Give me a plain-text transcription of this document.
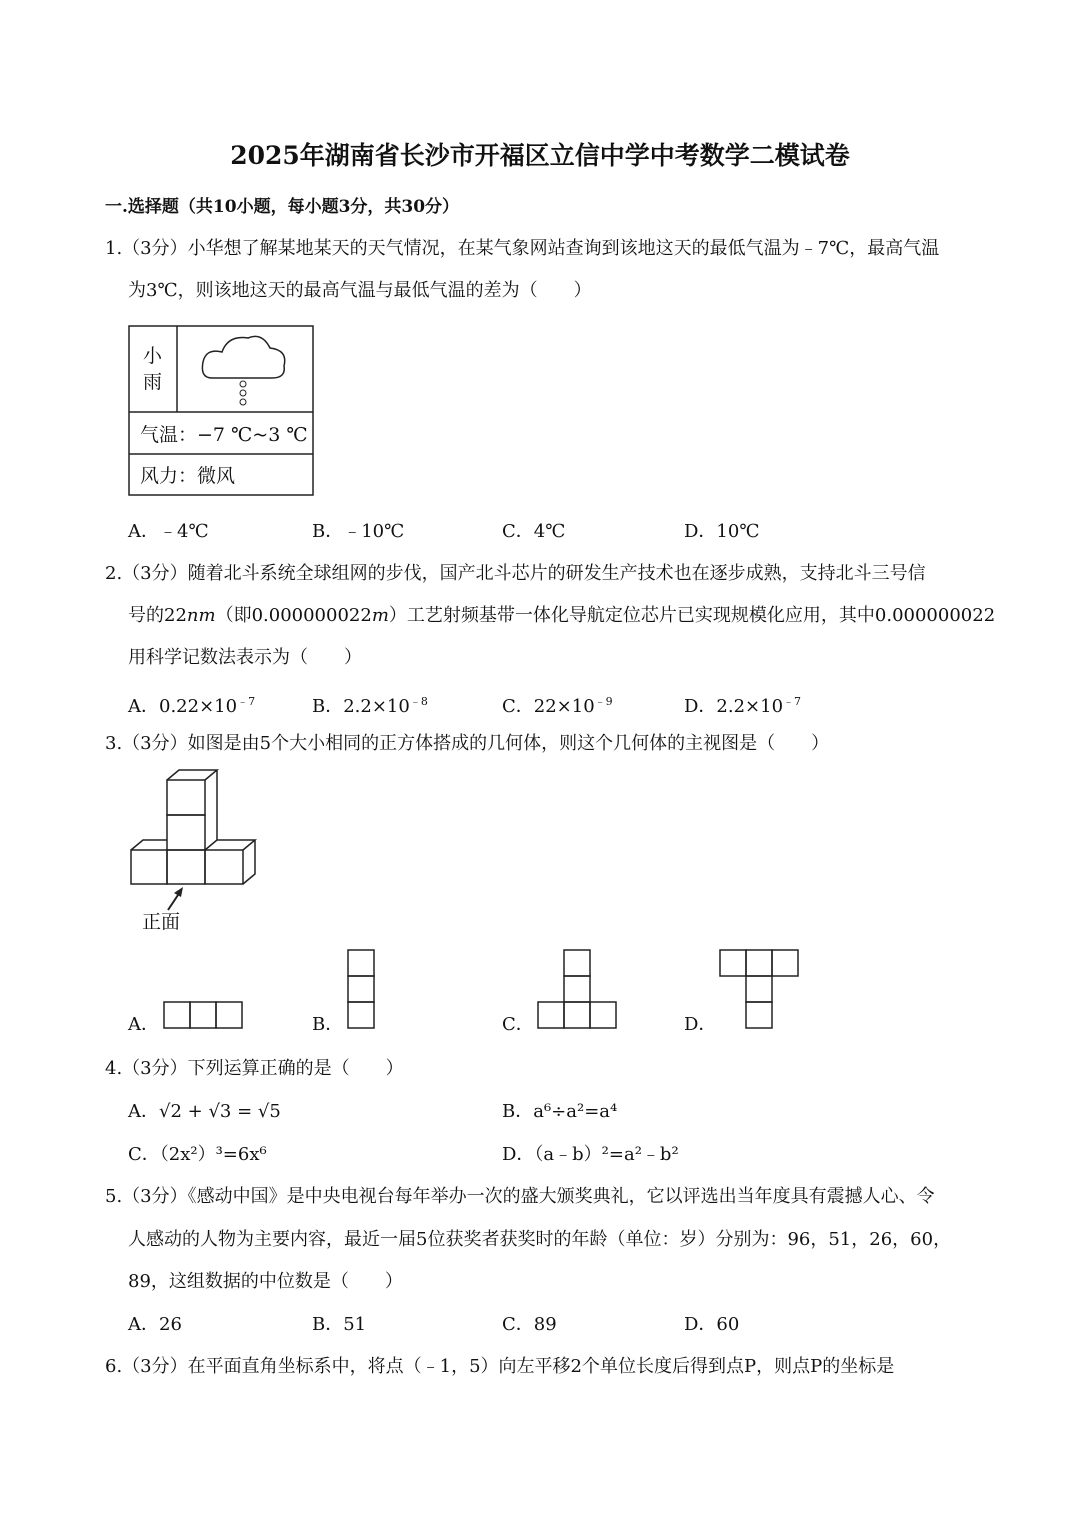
2025年湖南省长沙市开福区立信中学中考数学二模试卷
一.选择题（共10小题，每小题3分，共30分）
1.（3分）小华想了解某地某天的天气情况，在某气象网站查询到该地这天的最低气温为﹣7℃，最高气温
为3℃，则该地这天的最高气温与最低气温的差为（　　）
小雨
气温：−7 ℃~3 ℃
风力：微风
A．﹣4℃	B．﹣10℃	C．4℃	D．10℃
2.（3分）随着北斗系统全球组网的步伐，国产北斗芯片的研发生产技术也在逐步成熟，支持北斗三号信
号的22nm（即0.000000022m）工艺射频基带一体化导航定位芯片已实现规模化应用，其中0.000000022
用科学记数法表示为（　　）
A．$0.22\times 10^{﹣7}$	B．$2.2\times 10^{﹣8}$	C．$22\times 10^{﹣9}$	D．$2.2\times 10^{﹣7}$
3.（3分）如图是由5个大小相同的正方体搭成的几何体，则这个几何体的主视图是（　　）
正面
A．	B．	C．	D．
4.（3分）下列运算正确的是（　　）
A．√2 + √3 = √5	B．a⁶÷a²=a⁴
C．（2x²）³=6x⁶	D．（a﹣b）²=a²﹣b²
5.（3分）《感动中国》是中央电视台每年举办一次的盛大颁奖典礼，它以评选出当年度具有震撼人心、令
人感动的人物为主要内容，最近一届5位获奖者获奖时的年龄（单位：岁）分别为：96，51，26，60，
89，这组数据的中位数是（　　）
A．26	B．51	C．89	D．60
6.（3分）在平面直角坐标系中，将点（﹣1，5）向左平移2个单位长度后得到点P，则点P的坐标是
